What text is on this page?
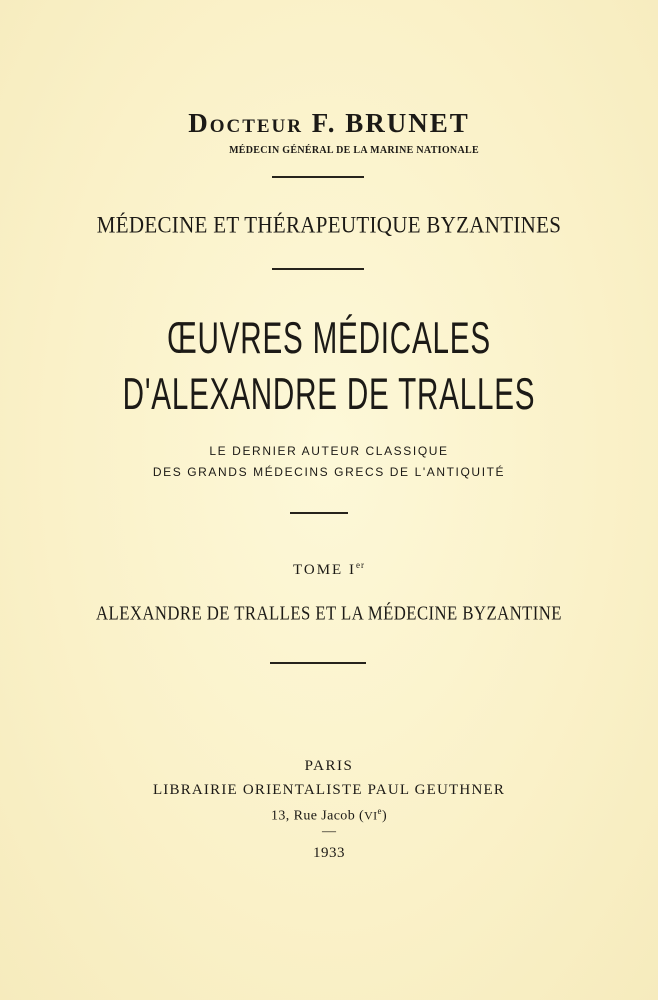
Docteur F. BRUNET
MÉDECIN GÉNÉRAL DE LA MARINE NATIONALE
MÉDECINE ET THÉRAPEUTIQUE BYZANTINES
ŒUVRES MÉDICALES
D'ALEXANDRE DE TRALLES
LE DERNIER AUTEUR CLASSIQUE
DES GRANDS MÉDECINS GRECS DE L'ANTIQUITÉ
TOME Ier
ALEXANDRE DE TRALLES ET LA MÉDECINE BYZANTINE
PARIS
LIBRAIRIE ORIENTALISTE PAUL GEUTHNER
13, Rue Jacob (VIe)
—
1933
